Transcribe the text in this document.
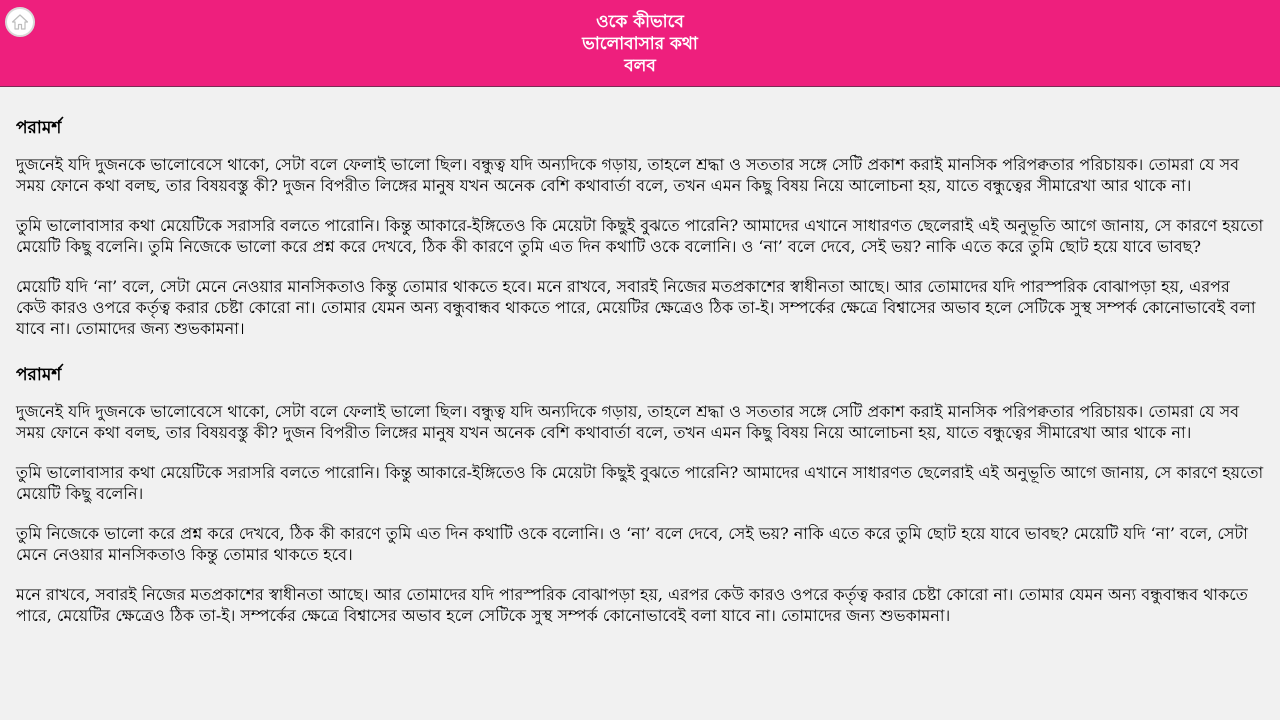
ওকে কীভাবে
ভালোবাসার কথা
বলব
পরামর্শ

দুজনেই যদি দুজনকে ভালোবেসে থাকো, সেটা বলে ফেলাই ভালো ছিল। বন্ধুত্ব যদি অন্যদিকে গড়ায়, তাহলে শ্রদ্ধা ও সততার সঙ্গে সেটি প্রকাশ করাই মানসিক পরিপক্বতার পরিচায়ক। তোমরা যে সব সময় ফোনে কথা বলছ, তার বিষয়বস্তু কী? দুজন বিপরীত লিঙ্গের মানুষ যখন অনেক বেশি কথাবার্তা বলে, তখন এমন কিছু বিষয় নিয়ে আলোচনা হয়, যাতে বন্ধুত্বের সীমারেখা আর থাকে না।

তুমি ভালোবাসার কথা মেয়েটিকে সরাসরি বলতে পারোনি। কিন্তু আকারে-ইঙ্গিতেও কি মেয়েটা কিছুই বুঝতে পারেনি? আমাদের এখানে সাধারণত ছেলেরাই এই অনুভূতি আগে জানায়, সে কারণে হয়তো মেয়েটি কিছু বলেনি। তুমি নিজেকে ভালো করে প্রশ্ন করে দেখবে, ঠিক কী কারণে তুমি এত দিন কথাটি ওকে বলোনি। ও ‘না’ বলে দেবে, সেই ভয়? নাকি এতে করে তুমি ছোট হয়ে যাবে ভাবছ?

মেয়েটি যদি ‘না’ বলে, সেটা মেনে নেওয়ার মানসিকতাও কিন্তু তোমার থাকতে হবে। মনে রাখবে, সবারই নিজের মতপ্রকাশের স্বাধীনতা আছে। আর তোমাদের যদি পারস্পরিক বোঝাপড়া হয়, এরপর কেউ কারও ওপরে কর্তৃত্ব করার চেষ্টা কোরো না। তোমার যেমন অন্য বন্ধুবান্ধব থাকতে পারে, মেয়েটির ক্ষেত্রেও ঠিক তা-ই। সম্পর্কের ক্ষেত্রে বিশ্বাসের অভাব হলে সেটিকে সুস্থ সম্পর্ক কোনোভাবেই বলা যাবে না। তোমাদের জন্য শুভকামনা।

পরামর্শ

দুজনেই যদি দুজনকে ভালোবেসে থাকো, সেটা বলে ফেলাই ভালো ছিল। বন্ধুত্ব যদি অন্যদিকে গড়ায়, তাহলে শ্রদ্ধা ও সততার সঙ্গে সেটি প্রকাশ করাই মানসিক পরিপক্বতার পরিচায়ক। তোমরা যে সব সময় ফোনে কথা বলছ, তার বিষয়বস্তু কী? দুজন বিপরীত লিঙ্গের মানুষ যখন অনেক বেশি কথাবার্তা বলে, তখন এমন কিছু বিষয় নিয়ে আলোচনা হয়, যাতে বন্ধুত্বের সীমারেখা আর থাকে না।

তুমি ভালোবাসার কথা মেয়েটিকে সরাসরি বলতে পারোনি। কিন্তু আকারে-ইঙ্গিতেও কি মেয়েটা কিছুই বুঝতে পারেনি? আমাদের এখানে সাধারণত ছেলেরাই এই অনুভূতি আগে জানায়, সে কারণে হয়তো মেয়েটি কিছু বলেনি।

তুমি নিজেকে ভালো করে প্রশ্ন করে দেখবে, ঠিক কী কারণে তুমি এত দিন কথাটি ওকে বলোনি। ও ‘না’ বলে দেবে, সেই ভয়? নাকি এতে করে তুমি ছোট হয়ে যাবে ভাবছ? মেয়েটি যদি ‘না’ বলে, সেটা মেনে নেওয়ার মানসিকতাও কিন্তু তোমার থাকতে হবে।

মনে রাখবে, সবারই নিজের মতপ্রকাশের স্বাধীনতা আছে। আর তোমাদের যদি পারস্পরিক বোঝাপড়া হয়, এরপর কেউ কারও ওপরে কর্তৃত্ব করার চেষ্টা কোরো না। তোমার যেমন অন্য বন্ধুবান্ধব থাকতে পারে, মেয়েটির ক্ষেত্রেও ঠিক তা-ই। সম্পর্কের ক্ষেত্রে বিশ্বাসের অভাব হলে সেটিকে সুস্থ সম্পর্ক কোনোভাবেই বলা যাবে না। তোমাদের জন্য শুভকামনা।
